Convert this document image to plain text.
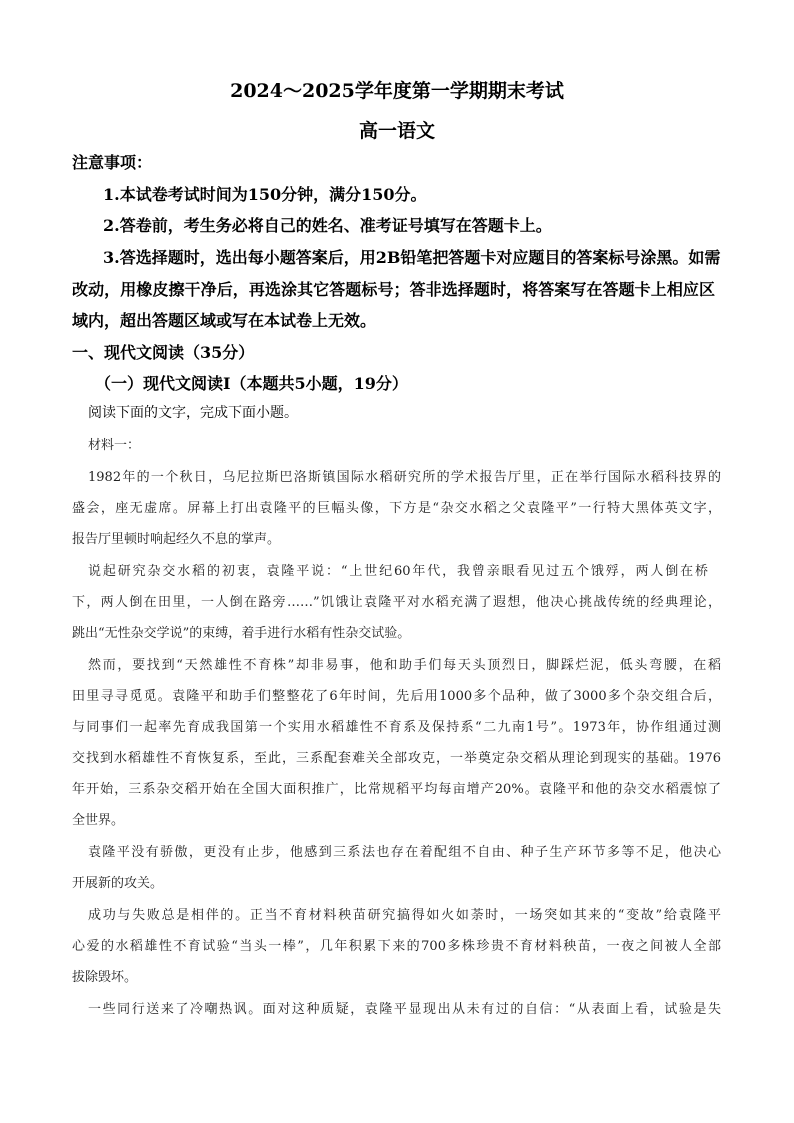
2024～2025学年度第一学期期末考试
高一语文
注意事项：
1.本试卷考试时间为150分钟，满分150分。
2.答卷前，考生务必将自己的姓名、准考证号填写在答题卡上。
3.答选择题时，选出每小题答案后，用2B铅笔把答题卡对应题目的答案标号涂黑。如需
改动，用橡皮擦干净后，再选涂其它答题标号；答非选择题时，将答案写在答题卡上相应区
域内，超出答题区域或写在本试卷上无效。
一、现代文阅读（35分）
（一）现代文阅读Ⅰ（本题共5小题，19分）
阅读下面的文字，完成下面小题。
材料一：
1982年的一个秋日，乌尼拉斯巴洛斯镇国际水稻研究所的学术报告厅里，正在举行国际水稻科技界的
盛会，座无虚席。屏幕上打出袁隆平的巨幅头像，下方是“杂交水稻之父袁隆平”一行特大黑体英文字，
报告厅里顿时响起经久不息的掌声。
说起研究杂交水稻的初衷，袁隆平说：“上世纪60年代，我曾亲眼看见过五个饿殍，两人倒在桥
下，两人倒在田里，一人倒在路旁……”饥饿让袁隆平对水稻充满了遐想，他决心挑战传统的经典理论，
跳出“无性杂交学说”的束缚，着手进行水稻有性杂交试验。
然而，要找到“天然雄性不育株”却非易事，他和助手们每天头顶烈日，脚踩烂泥，低头弯腰，在稻
田里寻寻觅觅。袁隆平和助手们整整花了6年时间，先后用1000多个品种，做了3000多个杂交组合后，
与同事们一起率先育成我国第一个实用水稻雄性不育系及保持系“二九南1号”。1973年，协作组通过测
交找到水稻雄性不育恢复系，至此，三系配套难关全部攻克，一举奠定杂交稻从理论到现实的基础。1976
年开始，三系杂交稻开始在全国大面积推广，比常规稻平均每亩增产20%。袁隆平和他的杂交水稻震惊了
全世界。
袁隆平没有骄傲，更没有止步，他感到三系法也存在着配组不自由、种子生产环节多等不足，他决心
开展新的攻关。
成功与失败总是相伴的。正当不育材料秧苗研究搞得如火如荼时，一场突如其来的“变故”给袁隆平
心爱的水稻雄性不育试验“当头一棒”，几年积累下来的700多株珍贵不育材料秧苗，一夜之间被人全部
拔除毁坏。
一些同行送来了冷嘲热讽。面对这种质疑，袁隆平显现出从未有过的自信：“从表面上看，试验是失
